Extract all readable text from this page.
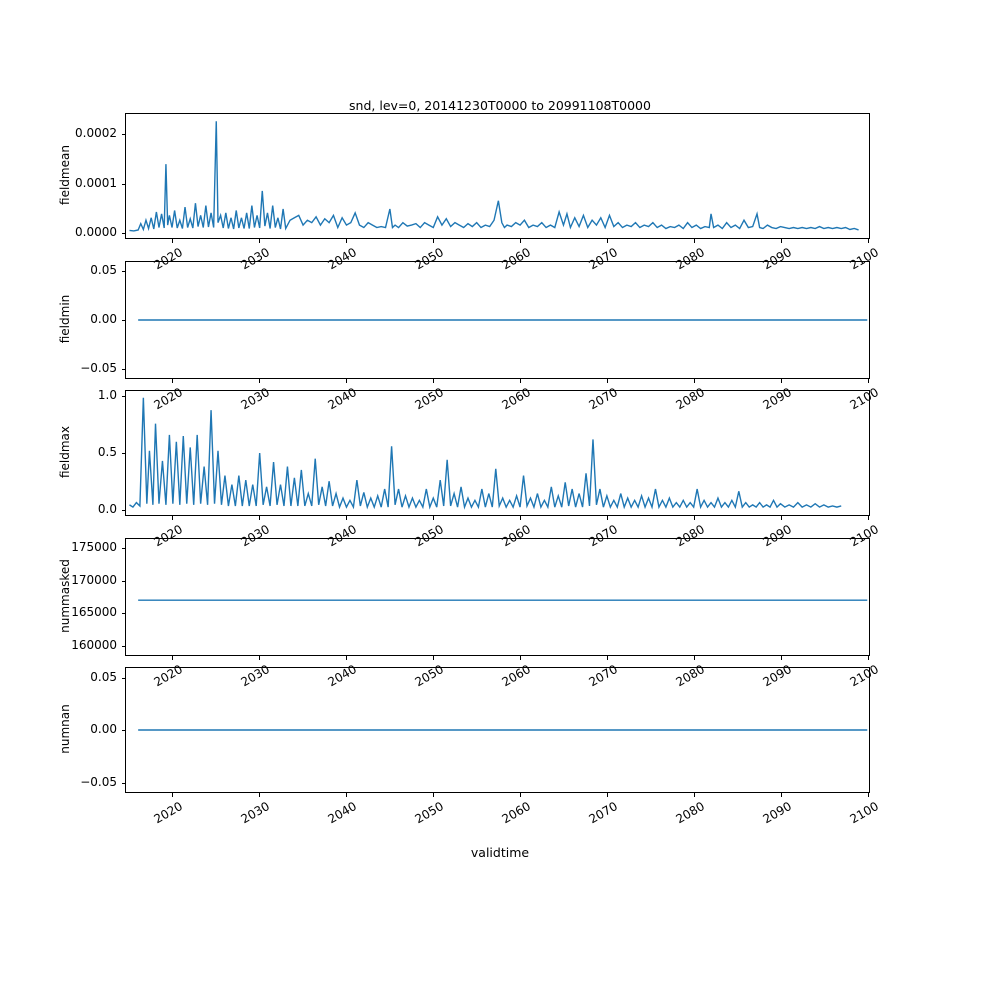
snd, lev=0, 20141230T0000 to 20991108T0000
0.0000
0.0001
0.0002
fieldmean
2020	2030	2040	2050	2060	2070	2080	2090	2100
−0.05
0.00
0.05
fieldmin
2020	2030	2040	2050	2060	2070	2080	2090	2100
0.0
0.5
1.0
fieldmax
2020	2030	2040	2050	2060	2070	2080	2090	2100
160000
165000
170000
175000
nummasked
2020	2030	2040	2050	2060	2070	2080	2090	2100
−0.05
0.00
0.05
numnan
2020	2030	2040	2050	2060	2070	2080	2090	2100
validtime
